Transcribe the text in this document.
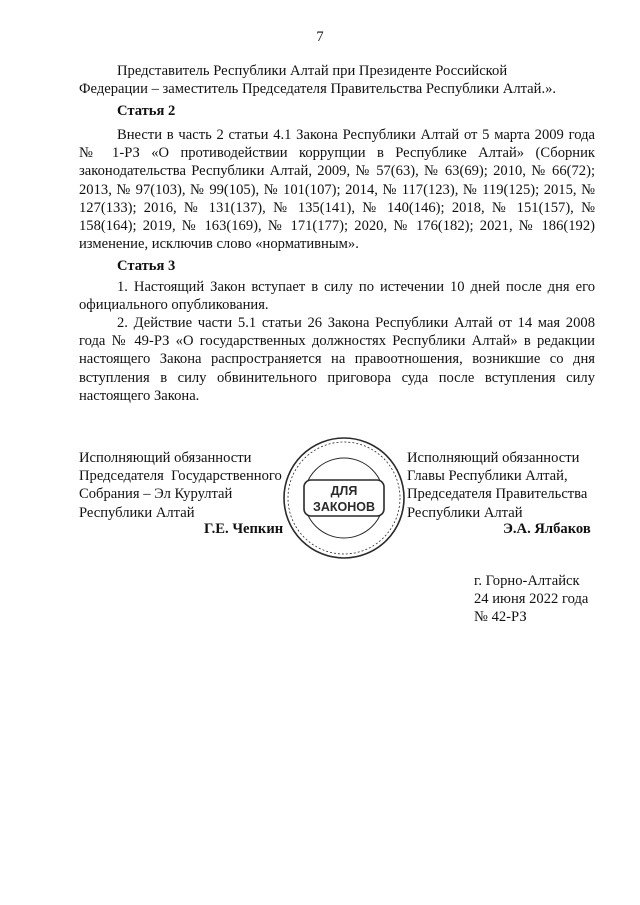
7

Представитель Республики Алтай при Президенте Российской

Федерации – заместитель Председателя Правительства Республики Алтай.».

Статья 2

Внести в часть 2 статьи 4.1 Закона Республики Алтай от 5 марта 2009 года № 1-РЗ «О противодействии коррупции в Республике Алтай» (Сборник законодательства Республики Алтай, 2009, № 57(63), № 63(69); 2010, № 66(72); 2013, № 97(103), № 99(105), № 101(107); 2014, № 117(123), № 119(125); 2015, № 127(133); 2016, № 131(137), № 135(141), № 140(146); 2018, № 151(157), № 158(164); 2019, № 163(169), № 171(177); 2020, № 176(182); 2021, № 186(192) изменение, исключив слово «нормативным».

Статья 3

1. Настоящий Закон вступает в силу по истечении 10 дней после дня его официального опубликования.

2. Действие части 5.1 статьи 26 Закона Республики Алтай от 14 мая 2008 года № 49-РЗ «О государственных должностях Республики Алтай» в редакции настоящего Закона распространяется на правоотношения, возникшие со дня вступления в силу обвинительного приговора суда после вступления силу настоящего Закона.

Исполняющий обязанности

Председателя  Государственного

Собрания – Эл Курултай

Республики Алтай

Г.Е. Чепкин
ДЛЯ
ЗАКОНОВ

Исполняющий обязанности

Главы Республики Алтай,

Председателя Правительства

Республики Алтай

Э.А. Ялбаков

г. Горно-Алтайск

24 июня 2022 года

№ 42-РЗ
